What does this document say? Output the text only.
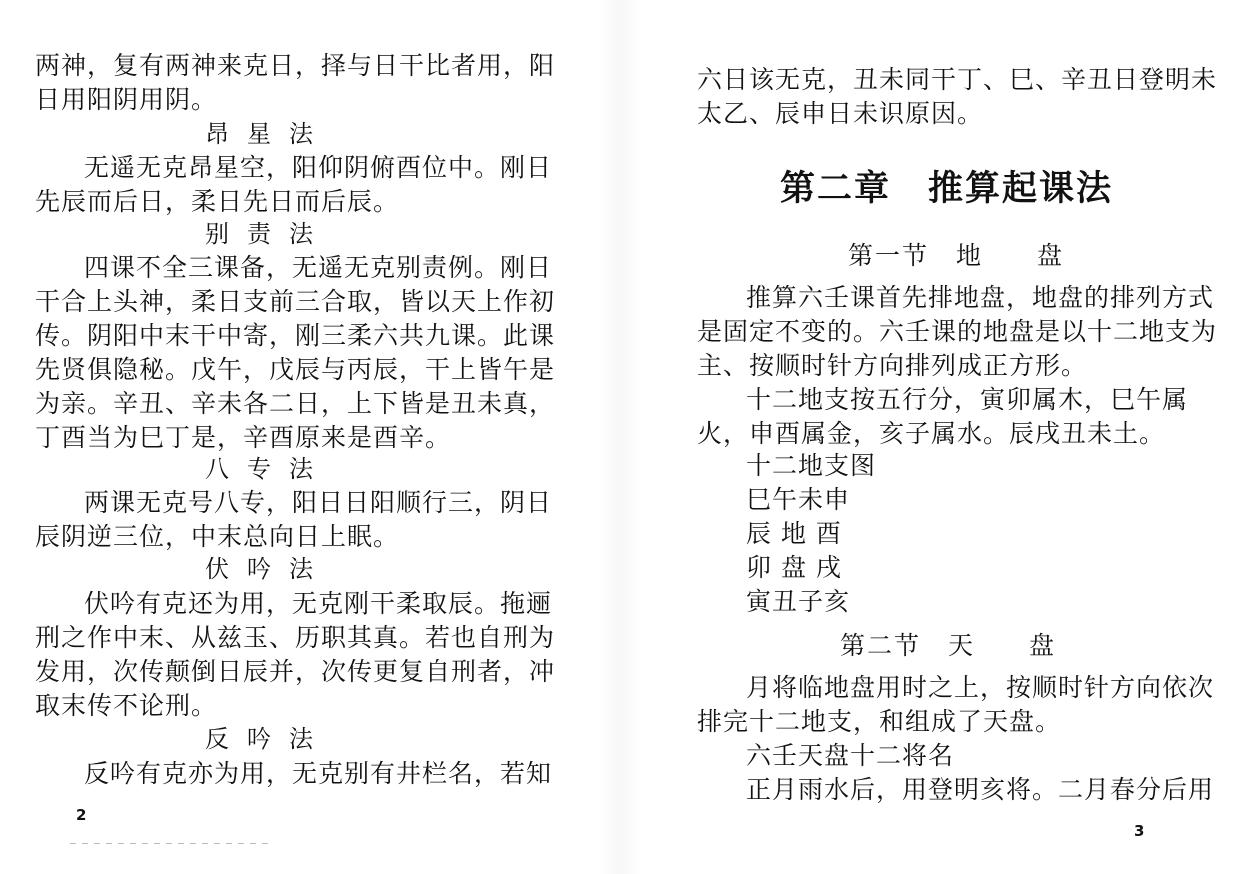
两神，复有两神来克日，择与日干比者用，阳
日用阳阴用阴。
昂星法
无遥无克昂星空，阳仰阴俯酉位中。刚日
先辰而后日，柔日先日而后辰。
别责法
四课不全三课备，无遥无克别责例。刚日
干合上头神，柔日支前三合取，皆以天上作初
传。阴阳中末干中寄，刚三柔六共九课。此课
先贤俱隐秘。戊午，戊辰与丙辰，干上皆午是
为亲。辛丑、辛未各二日，上下皆是丑未真，
丁酉当为巳丁是，辛酉原来是酉辛。
八专法
两课无克号八专，阳日日阳顺行三，阴日
辰阴逆三位，中末总向日上眠。
伏吟法
伏吟有克还为用，无克刚干柔取辰。拖逦
刑之作中末、从兹玉、历职其真。若也自刑为
发用，次传颠倒日辰并，次传更复自刑者，冲
取末传不论刑。
反吟法
反吟有克亦为用，无克别有井栏名，若知
2
六日该无克，丑未同干丁、巳、辛丑日登明未
太乙、辰申日未识原因。
第二章　推算起课法
第一节　地　　盘
推算六壬课首先排地盘，地盘的排列方式
是固定不变的。六壬课的地盘是以十二地支为
主、按顺时针方向排列成正方形。
十二地支按五行分，寅卯属木，巳午属
火，申酉属金，亥子属水。辰戌丑未土。
十二地支图
巳午未申
辰 地 酉
卯 盘 戌
寅丑子亥
第二节　天　　盘
月将临地盘用时之上，按顺时针方向依次
排完十二地支，和组成了天盘。
六壬天盘十二将名
正月雨水后，用登明亥将。二月春分后用
3
